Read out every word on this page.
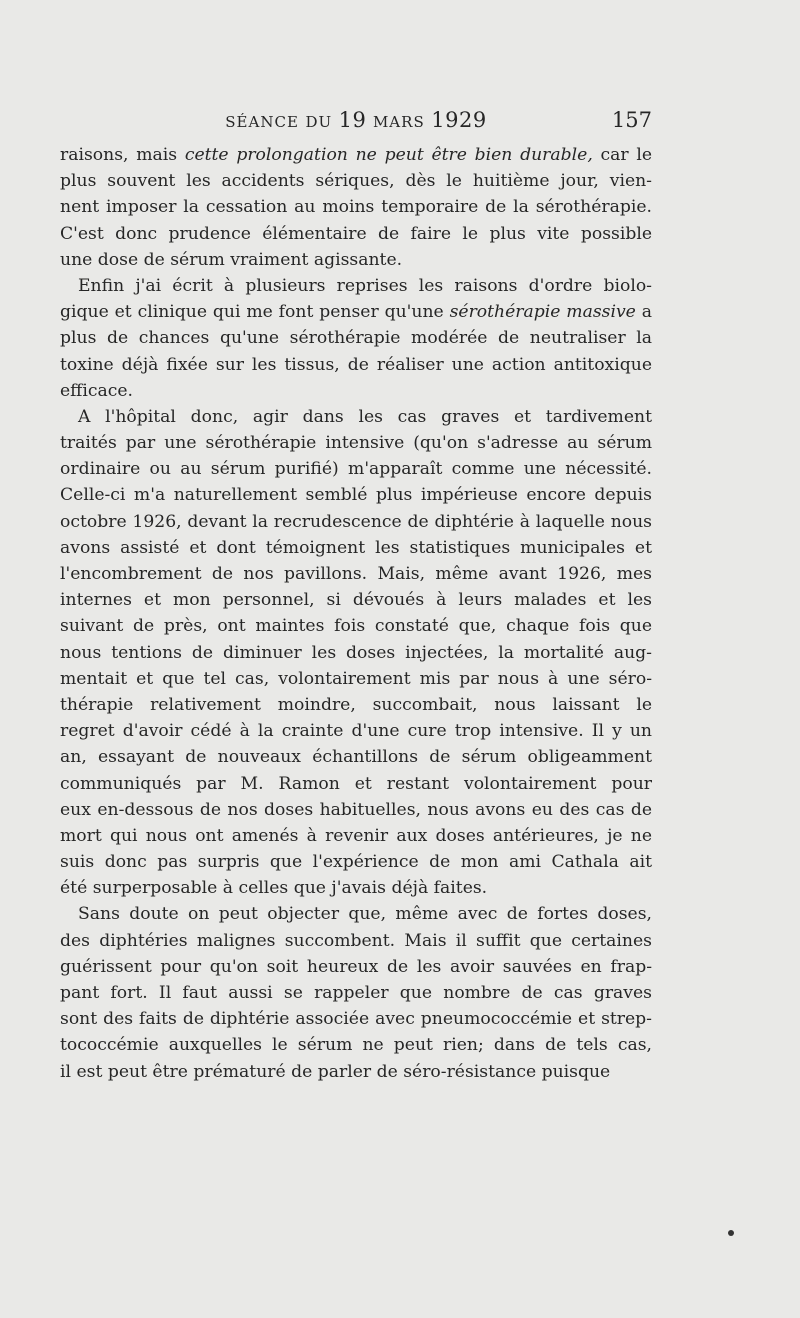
SÉANCE DU 19 MARS 1929	157
raisons, mais cette prolongation ne peut être bien durable, car le
plus souvent les accidents sériques, dès le huitième jour, vien-
nent imposer la cessation au moins temporaire de la sérothérapie.
C'est donc prudence élémentaire de faire le plus vite possible
une dose de sérum vraiment agissante.
Enfin j'ai écrit à plusieurs reprises les raisons d'ordre biolo-
gique et clinique qui me font penser qu'une sérothérapie massive a
plus de chances qu'une sérothérapie modérée de neutraliser la
toxine déjà fixée sur les tissus, de réaliser une action antitoxique
efficace.
A l'hôpital donc, agir dans les cas graves et tardivement
traités par une sérothérapie intensive (qu'on s'adresse au sérum
ordinaire ou au sérum purifié) m'apparaît comme une nécessité.
Celle-ci m'a naturellement semblé plus impérieuse encore depuis
octobre 1926, devant la recrudescence de diphtérie à laquelle nous
avons assisté et dont témoignent les statistiques municipales et
l'encombrement de nos pavillons. Mais, même avant 1926, mes
internes et mon personnel, si dévoués à leurs malades et les
suivant de près, ont maintes fois constaté que, chaque fois que
nous tentions de diminuer les doses injectées, la mortalité aug-
mentait et que tel cas, volontairement mis par nous à une séro-
thérapie relativement moindre, succombait, nous laissant le
regret d'avoir cédé à la crainte d'une cure trop intensive. Il y un
an, essayant de nouveaux échantillons de sérum obligeamment
communiqués par M. Ramon et restant volontairement pour
eux en-dessous de nos doses habituelles, nous avons eu des cas de
mort qui nous ont amenés à revenir aux doses antérieures, je ne
suis donc pas surpris que l'expérience de mon ami Cathala ait
été surperposable à celles que j'avais déjà faites.
Sans doute on peut objecter que, même avec de fortes doses,
des diphtéries malignes succombent. Mais il suffit que certaines
guérissent pour qu'on soit heureux de les avoir sauvées en frap-
pant fort. Il faut aussi se rappeler que nombre de cas graves
sont des faits de diphtérie associée avec pneumococcémie et strep-
tococcémie auxquelles le sérum ne peut rien; dans de tels cas,
il est peut être prématuré de parler de séro-résistance puisque
